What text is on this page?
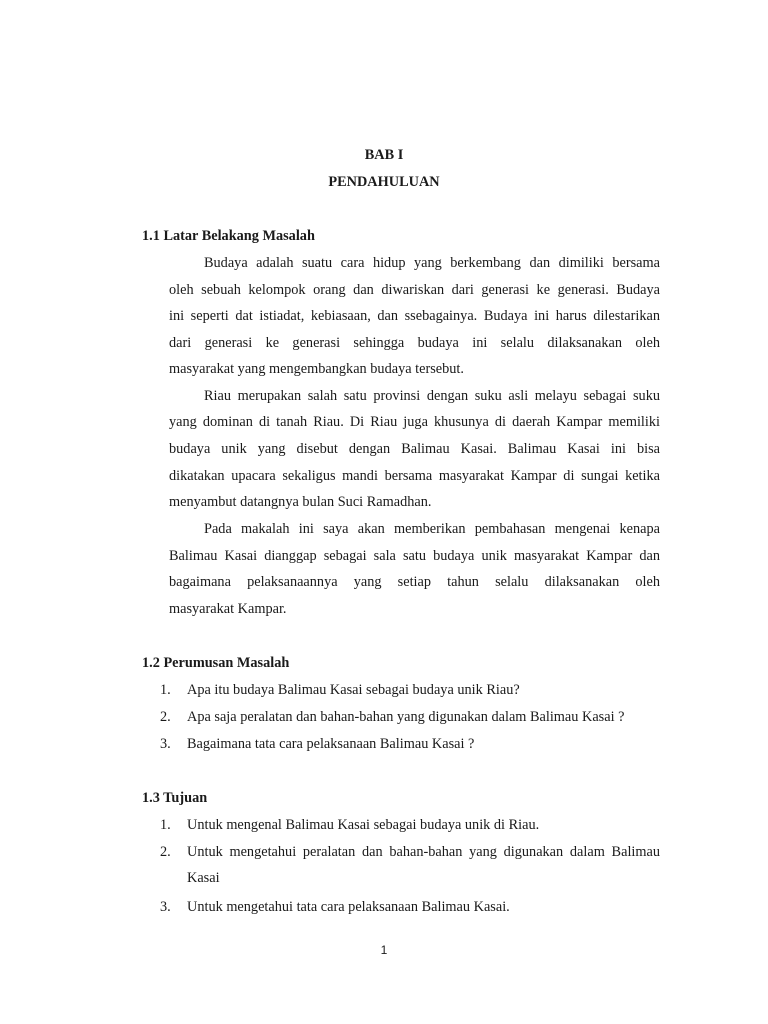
BAB I
PENDAHULUAN
1.1 Latar Belakang Masalah
Budaya adalah suatu cara hidup yang berkembang dan dimiliki bersama
oleh sebuah kelompok orang dan diwariskan dari generasi ke generasi. Budaya
ini seperti dat istiadat, kebiasaan, dan ssebagainya. Budaya ini harus dilestarikan
dari generasi ke generasi sehingga budaya ini selalu dilaksanakan oleh
masyarakat yang mengembangkan budaya tersebut.
Riau merupakan salah satu provinsi dengan suku asli melayu sebagai suku
yang dominan di tanah Riau. Di Riau juga khusunya di daerah Kampar memiliki
budaya unik yang disebut dengan Balimau Kasai. Balimau Kasai ini bisa
dikatakan upacara sekaligus mandi bersama masyarakat Kampar di sungai ketika
menyambut datangnya bulan Suci Ramadhan.
Pada makalah ini saya akan memberikan pembahasan mengenai kenapa
Balimau Kasai dianggap sebagai sala satu budaya unik masyarakat Kampar dan
bagaimana pelaksanaannya yang setiap tahun selalu dilaksanakan oleh
masyarakat Kampar.
1.2 Perumusan Masalah
1. Apa itu budaya Balimau Kasai sebagai budaya unik Riau?
2. Apa saja peralatan dan bahan-bahan yang digunakan dalam Balimau Kasai ?
3. Bagaimana tata cara pelaksanaan Balimau Kasai ?
1.3 Tujuan
1. Untuk mengenal Balimau Kasai sebagai budaya unik di Riau.
2. Untuk mengetahui peralatan dan bahan-bahan yang digunakan dalam Balimau
Kasai
3. Untuk mengetahui tata cara pelaksanaan Balimau Kasai.
1
